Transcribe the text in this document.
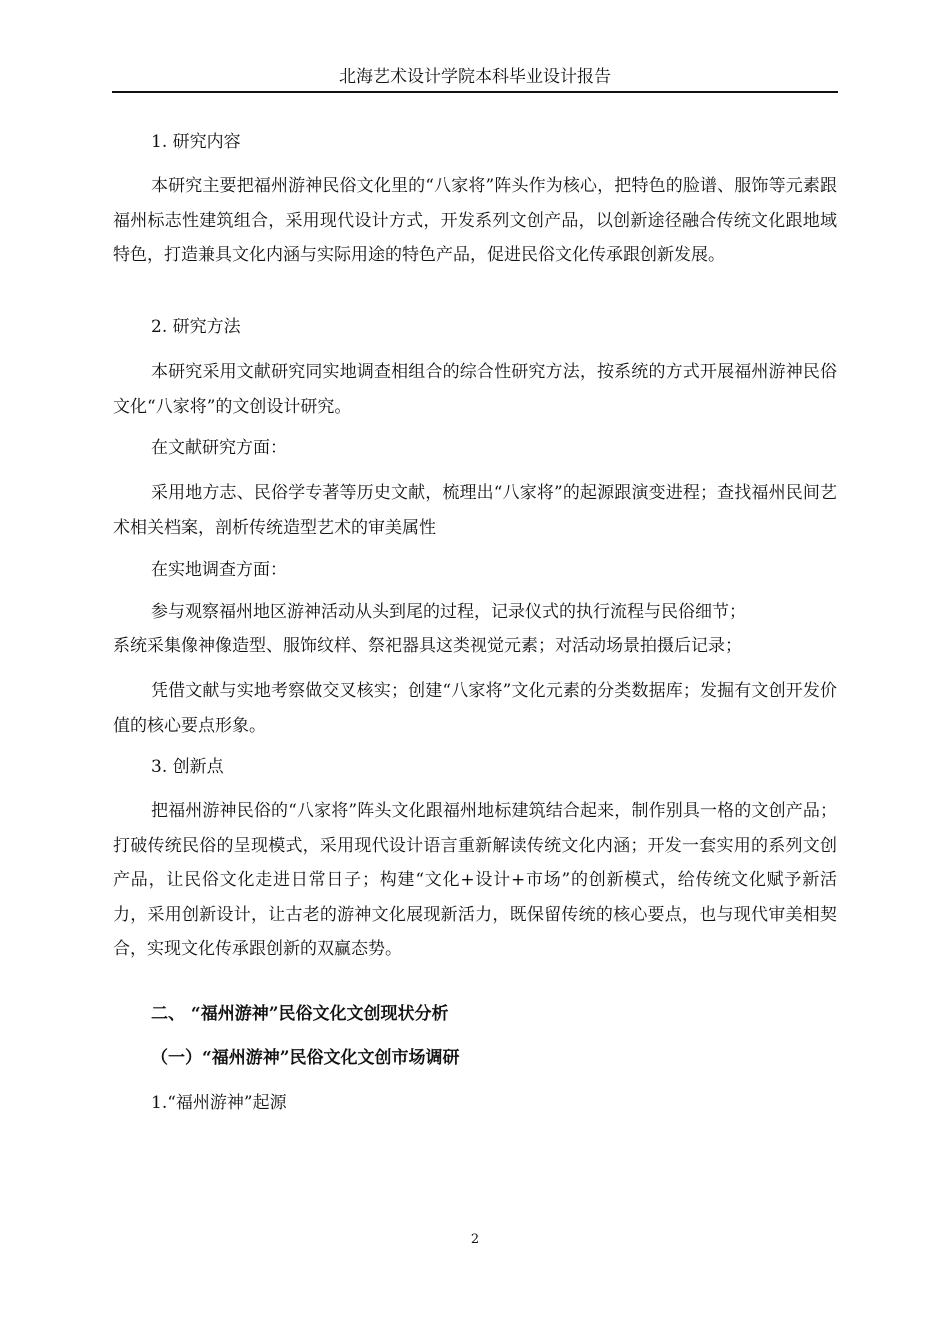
北海艺术设计学院本科毕业设计报告

1. 研究内容

本研究主要把福州游神民俗文化里的“八家将”阵头作为核心，把特色的脸谱、服饰等元素跟福州标志性建筑组合，采用现代设计方式，开发系列文创产品，以创新途径融合传统文化跟地域特色，打造兼具文化内涵与实际用途的特色产品，促进民俗文化传承跟创新发展。

2. 研究方法

本研究采用文献研究同实地调查相组合的综合性研究方法，按系统的方式开展福州游神民俗文化“八家将”的文创设计研究。

在文献研究方面：

采用地方志、民俗学专著等历史文献，梳理出“八家将”的起源跟演变进程；查找福州民间艺术相关档案，剖析传统造型艺术的审美属性

在实地调查方面：

参与观察福州地区游神活动从头到尾的过程，记录仪式的执行流程与民俗细节；

系统采集像神像造型、服饰纹样、祭祀器具这类视觉元素；对活动场景拍摄后记录；

凭借文献与实地考察做交叉核实；创建“八家将”文化元素的分类数据库；发掘有文创开发价值的核心要点形象。

3. 创新点

把福州游神民俗的“八家将”阵头文化跟福州地标建筑结合起来，制作别具一格的文创产品；打破传统民俗的呈现模式，采用现代设计语言重新解读传统文化内涵；开发一套实用的系列文创产品，让民俗文化走进日常日子；构建“文化+设计+市场”的创新模式，给传统文化赋予新活力，采用创新设计，让古老的游神文化展现新活力，既保留传统的核心要点，也与现代审美相契合，实现文化传承跟创新的双赢态势。

二、 “福州游神”民俗文化文创现状分析

（一）“福州游神”民俗文化文创市场调研

1.“福州游神”起源

2
